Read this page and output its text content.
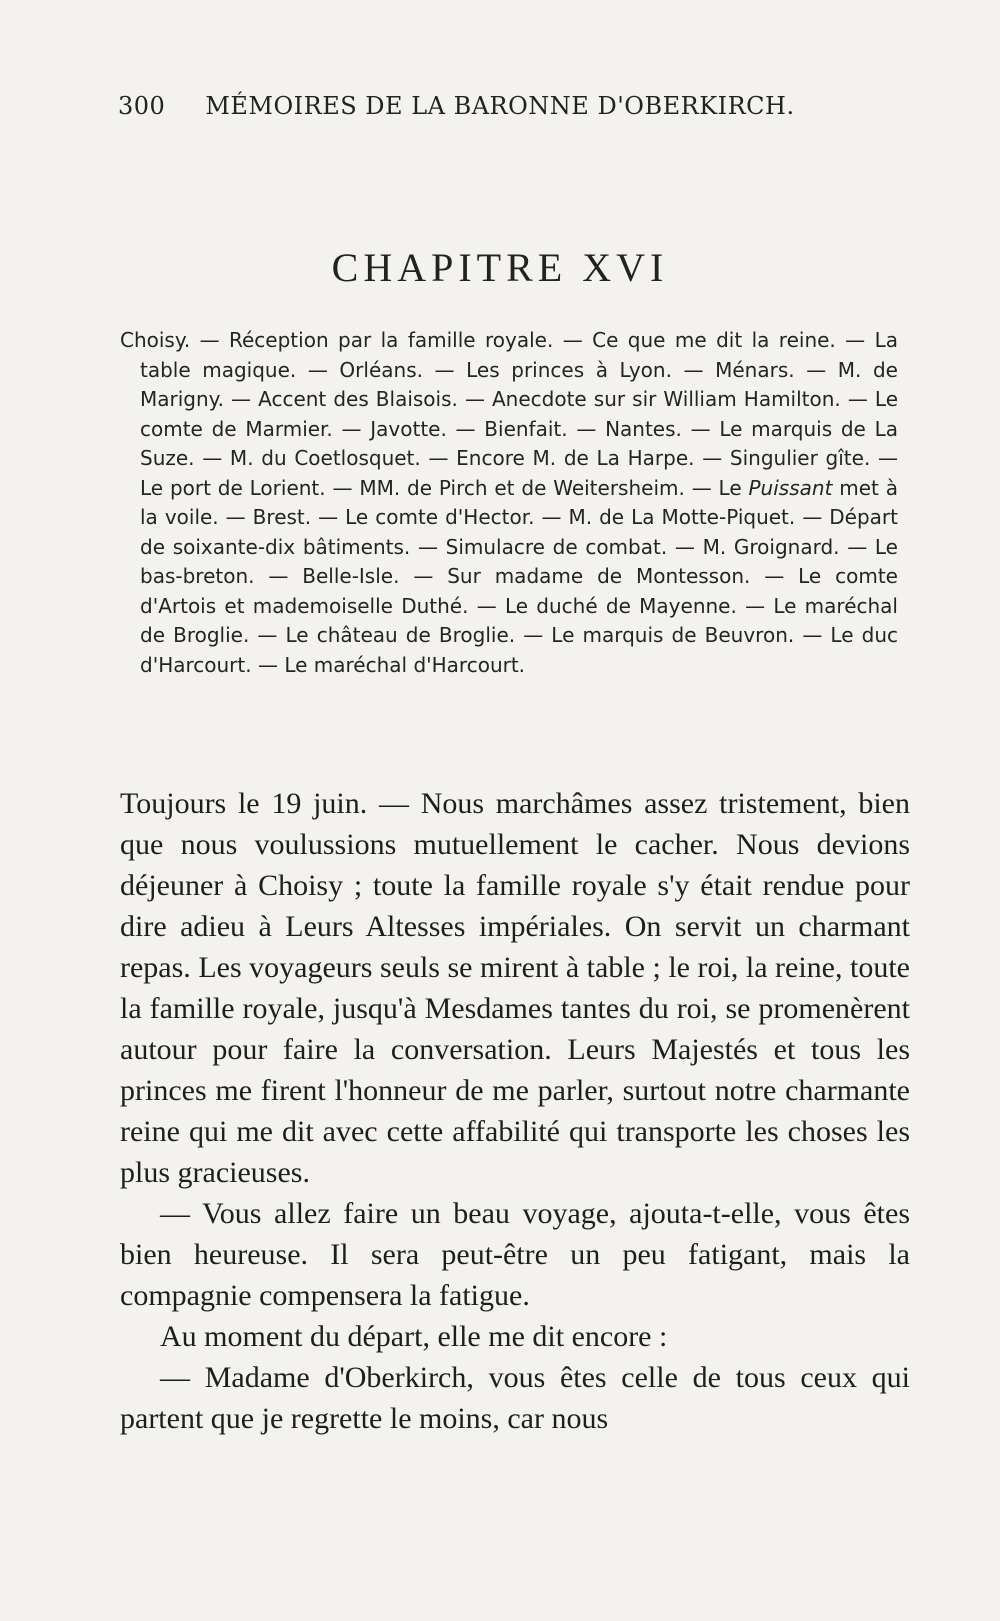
300 MÉMOIRES DE LA BARONNE D'OBERKIRCH.
CHAPITRE XVI
Choisy. — Réception par la famille royale. — Ce que me dit la reine. — La table magique. — Orléans. — Les princes à Lyon. — Ménars. — M. de Marigny. — Accent des Blaisois. — Anecdote sur sir William Hamilton. — Le comte de Marmier. — Javotte. — Bienfait. — Nantes. — Le marquis de La Suze. — M. du Coetlosquet. — Encore M. de La Harpe. — Singulier gîte. — Le port de Lorient. — MM. de Pirch et de Weitersheim. — Le Puissant met à la voile. — Brest. — Le comte d'Hector. — M. de La Motte-Piquet. — Départ de soixante-dix bâtiments. — Simulacre de combat. — M. Groignard. — Le bas-breton. — Belle-Isle. — Sur madame de Montesson. — Le comte d'Artois et mademoiselle Duthé. — Le duché de Mayenne. — Le maréchal de Broglie. — Le château de Broglie. — Le marquis de Beuvron. — Le duc d'Harcourt. — Le maréchal d'Harcourt.

Toujours le 19 juin. — Nous marchâmes assez tristement, bien que nous voulussions mutuellement le cacher. Nous devions déjeuner à Choisy ; toute la famille royale s'y était rendue pour dire adieu à Leurs Altesses impériales. On servit un charmant repas. Les voyageurs seuls se mirent à table ; le roi, la reine, toute la famille royale, jusqu'à Mesdames tantes du roi, se promenèrent autour pour faire la conversation. Leurs Majestés et tous les princes me firent l'honneur de me parler, surtout notre charmante reine qui me dit avec cette affabilité qui transporte les choses les plus gracieuses.

— Vous allez faire un beau voyage, ajouta-t-elle, vous êtes bien heureuse. Il sera peut-être un peu fatigant, mais la compagnie compensera la fatigue.

Au moment du départ, elle me dit encore :

— Madame d'Oberkirch, vous êtes celle de tous ceux qui partent que je regrette le moins, car nous
